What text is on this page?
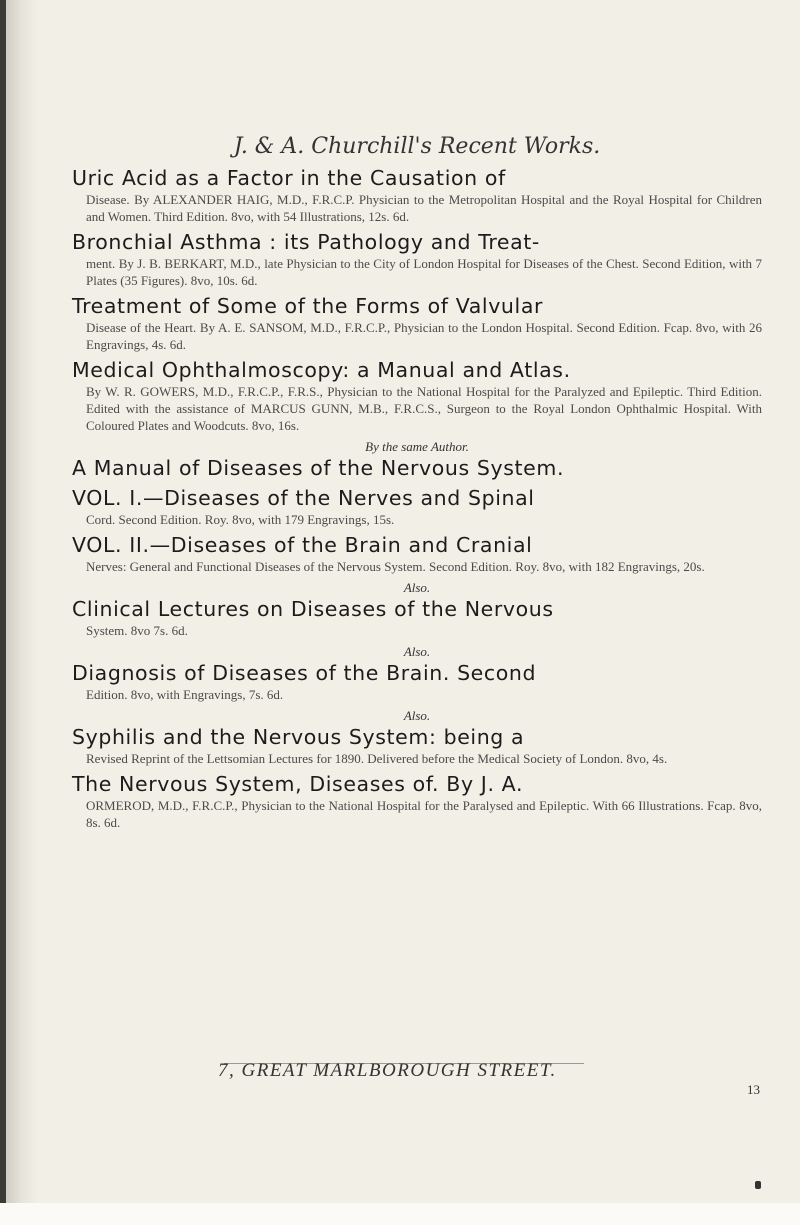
J. & A. Churchill's Recent Works.
Uric Acid as a Factor in the Causation of
Disease. By ALEXANDER HAIG, M.D., F.R.C.P. Physician to the Metropolitan Hospital and the Royal Hospital for Children and Women. Third Edition. 8vo, with 54 Illustrations, 12s. 6d.
Bronchial Asthma : its Pathology and Treat-
ment. By J. B. BERKART, M.D., late Physician to the City of London Hospital for Diseases of the Chest. Second Edition, with 7 Plates (35 Figures). 8vo, 10s. 6d.
Treatment of Some of the Forms of Valvular
Disease of the Heart. By A. E. SANSOM, M.D., F.R.C.P., Physician to the London Hospital. Second Edition. Fcap. 8vo, with 26 Engravings, 4s. 6d.
Medical Ophthalmoscopy: a Manual and Atlas.
By W. R. GOWERS, M.D., F.R.C.P., F.R.S., Physician to the National Hospital for the Paralyzed and Epileptic. Third Edition. Edited with the assistance of MARCUS GUNN, M.B., F.R.C.S., Surgeon to the Royal London Ophthalmic Hospital. With Coloured Plates and Woodcuts. 8vo, 16s.
By the same Author.
A Manual of Diseases of the Nervous System.
VOL. I.—Diseases of the Nerves and Spinal
Cord. Second Edition. Roy. 8vo, with 179 Engravings, 15s.
VOL. II.—Diseases of the Brain and Cranial
Nerves: General and Functional Diseases of the Nervous System. Second Edition. Roy. 8vo, with 182 Engravings, 20s.
Also.
Clinical Lectures on Diseases of the Nervous
System. 8vo 7s. 6d.
Also.
Diagnosis of Diseases of the Brain. Second
Edition. 8vo, with Engravings, 7s. 6d.
Also.
Syphilis and the Nervous System: being a
Revised Reprint of the Lettsomian Lectures for 1890. Delivered before the Medical Society of London. 8vo, 4s.
The Nervous System, Diseases of. By J. A.
ORMEROD, M.D., F.R.C.P., Physician to the National Hospital for the Paralysed and Epileptic. With 66 Illustrations. Fcap. 8vo, 8s. 6d.
7, GREAT MARLBOROUGH STREET.
13
